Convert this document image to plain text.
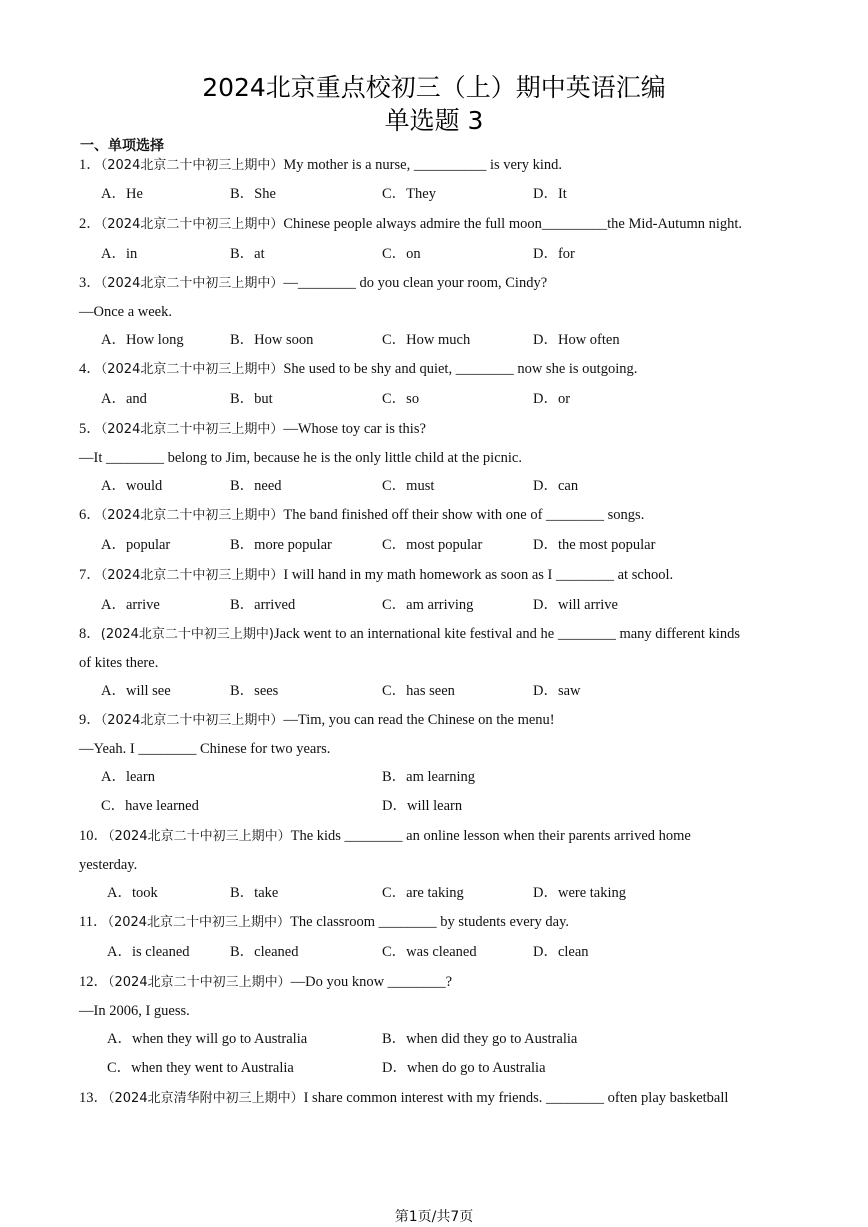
2024北京重点校初三（上）期中英语汇编
单选题 3
一、单项选择
1．（2024北京二十中初三上期中）My mother is a nurse, __________ is very kind.
A．He	B．She	C．They	D．It
2．（2024北京二十中初三上期中）Chinese people always admire the full moon_________the Mid-Autumn night.
A．in	B．at	C．on	D．for
3．（2024北京二十中初三上期中）—________ do you clean your room, Cindy?
—Once a week.
A．How long	B．How soon	C．How much	D．How often
4．（2024北京二十中初三上期中）She used to be shy and quiet, ________ now she is outgoing.
A．and	B．but	C．so	D．or
5．（2024北京二十中初三上期中）—Whose toy car is this?
—It ________ belong to Jim, because he is the only little child at the picnic.
A．would	B．need	C．must	D．can
6．（2024北京二十中初三上期中）The band finished off their show with one of ________ songs.
A．popular	B．more popular	C．most popular	D．the most popular
7．（2024北京二十中初三上期中）I will hand in my math homework as soon as I ________ at school.
A．arrive	B．arrived	C．am arriving	D．will arrive
8．(2024北京二十中初三上期中)Jack went to an international kite festival and he ________ many different kinds
of kites there.
A．will see	B．sees	C．has seen	D．saw
9．（2024北京二十中初三上期中）—Tim, you can read the Chinese on the menu!
—Yeah. I ________ Chinese for two years.
A．learn	B．am learning
C．have learned	D．will learn
10．（2024北京二十中初三上期中）The kids ________ an online lesson when their parents arrived home
yesterday.
A．took	B．take	C．are taking	D．were taking
11．（2024北京二十中初三上期中）The classroom ________ by students every day.
A．is cleaned	B．cleaned	C．was cleaned	D．clean
12．（2024北京二十中初三上期中）—Do you know ________?
—In 2006, I guess.
A．when they will go to Australia	B．when did they go to Australia
C．when they went to Australia	D．when do go to Australia
13．（2024北京清华附中初三上期中）I share common interest with my friends. ________ often play basketball
第1页/共7页
